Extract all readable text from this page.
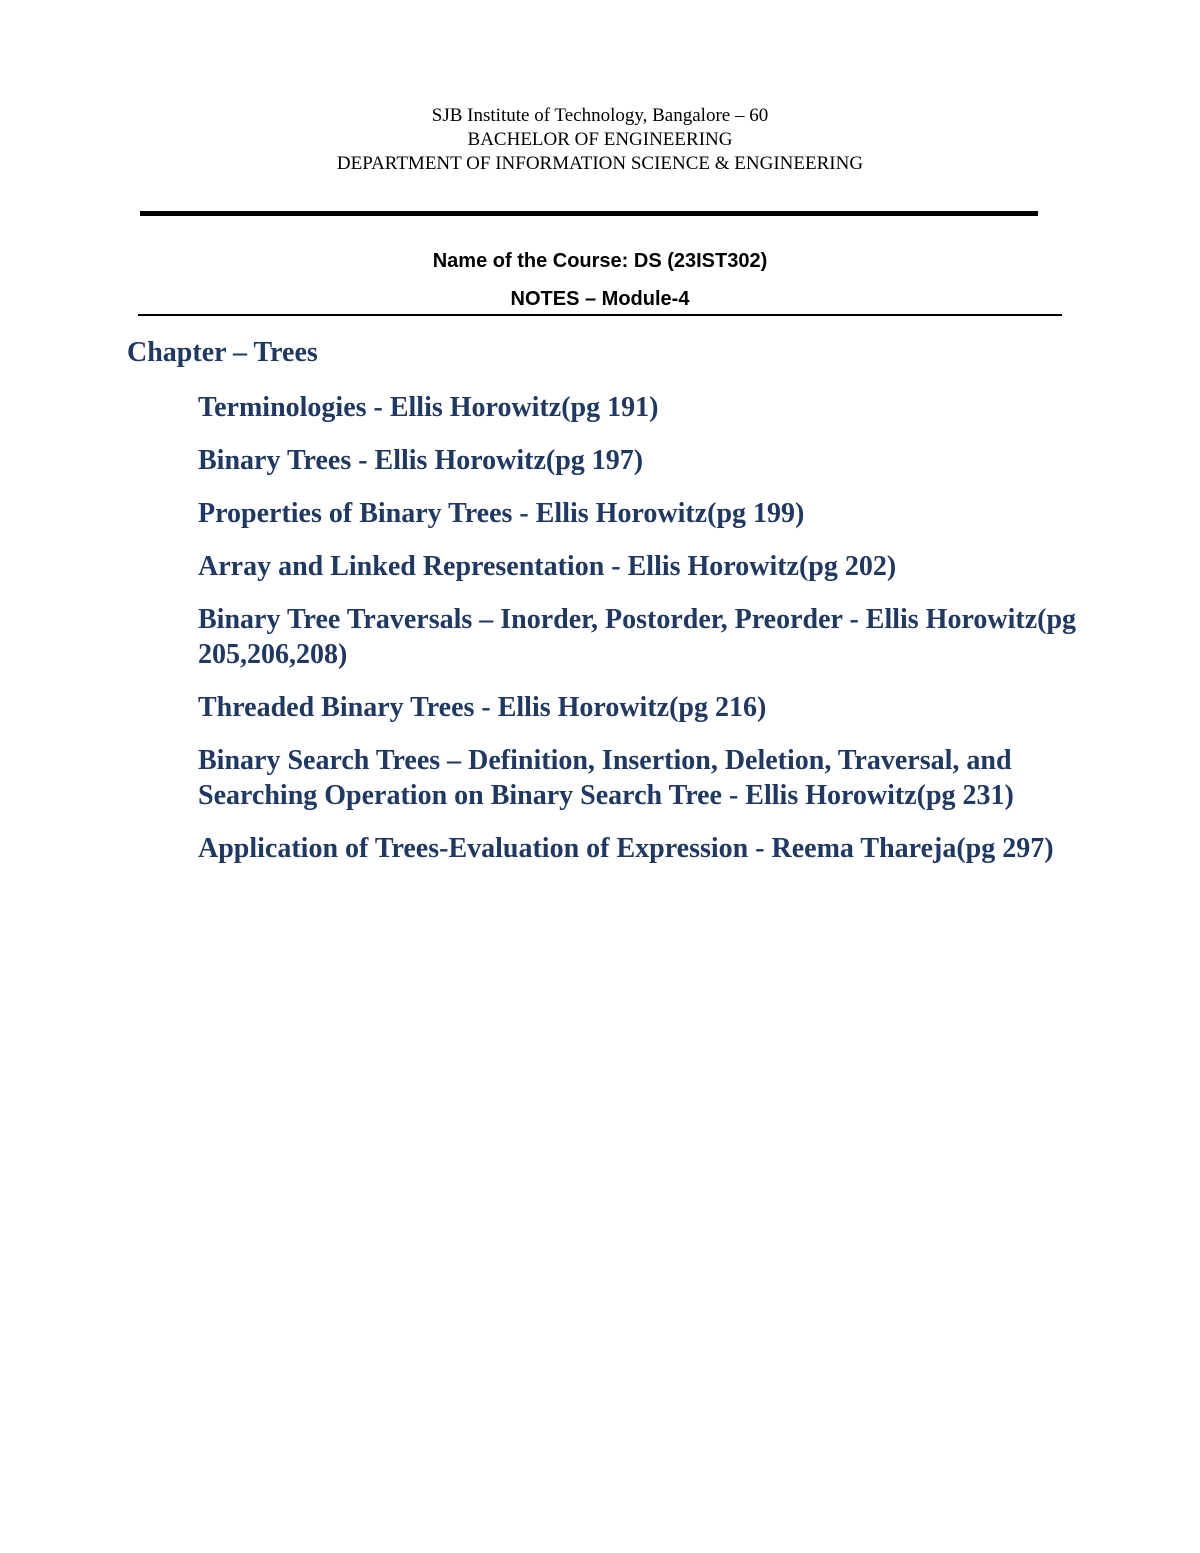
SJB Institute of Technology, Bangalore – 60
BACHELOR OF ENGINEERING
DEPARTMENT OF INFORMATION SCIENCE & ENGINEERING
Name of the Course: DS (23IST302)
NOTES – Module-4
Chapter – Trees
Terminologies - Ellis Horowitz(pg 191)
Binary Trees - Ellis Horowitz(pg 197)
Properties of Binary Trees - Ellis Horowitz(pg 199)
Array and Linked Representation - Ellis Horowitz(pg 202)
Binary Tree Traversals – Inorder, Postorder, Preorder - Ellis Horowitz(pg 205,206,208)
Threaded Binary Trees - Ellis Horowitz(pg 216)
Binary Search Trees – Definition, Insertion, Deletion, Traversal, and Searching Operation on Binary Search Tree - Ellis Horowitz(pg 231)
Application of Trees-Evaluation of Expression - Reema Thareja(pg 297)
